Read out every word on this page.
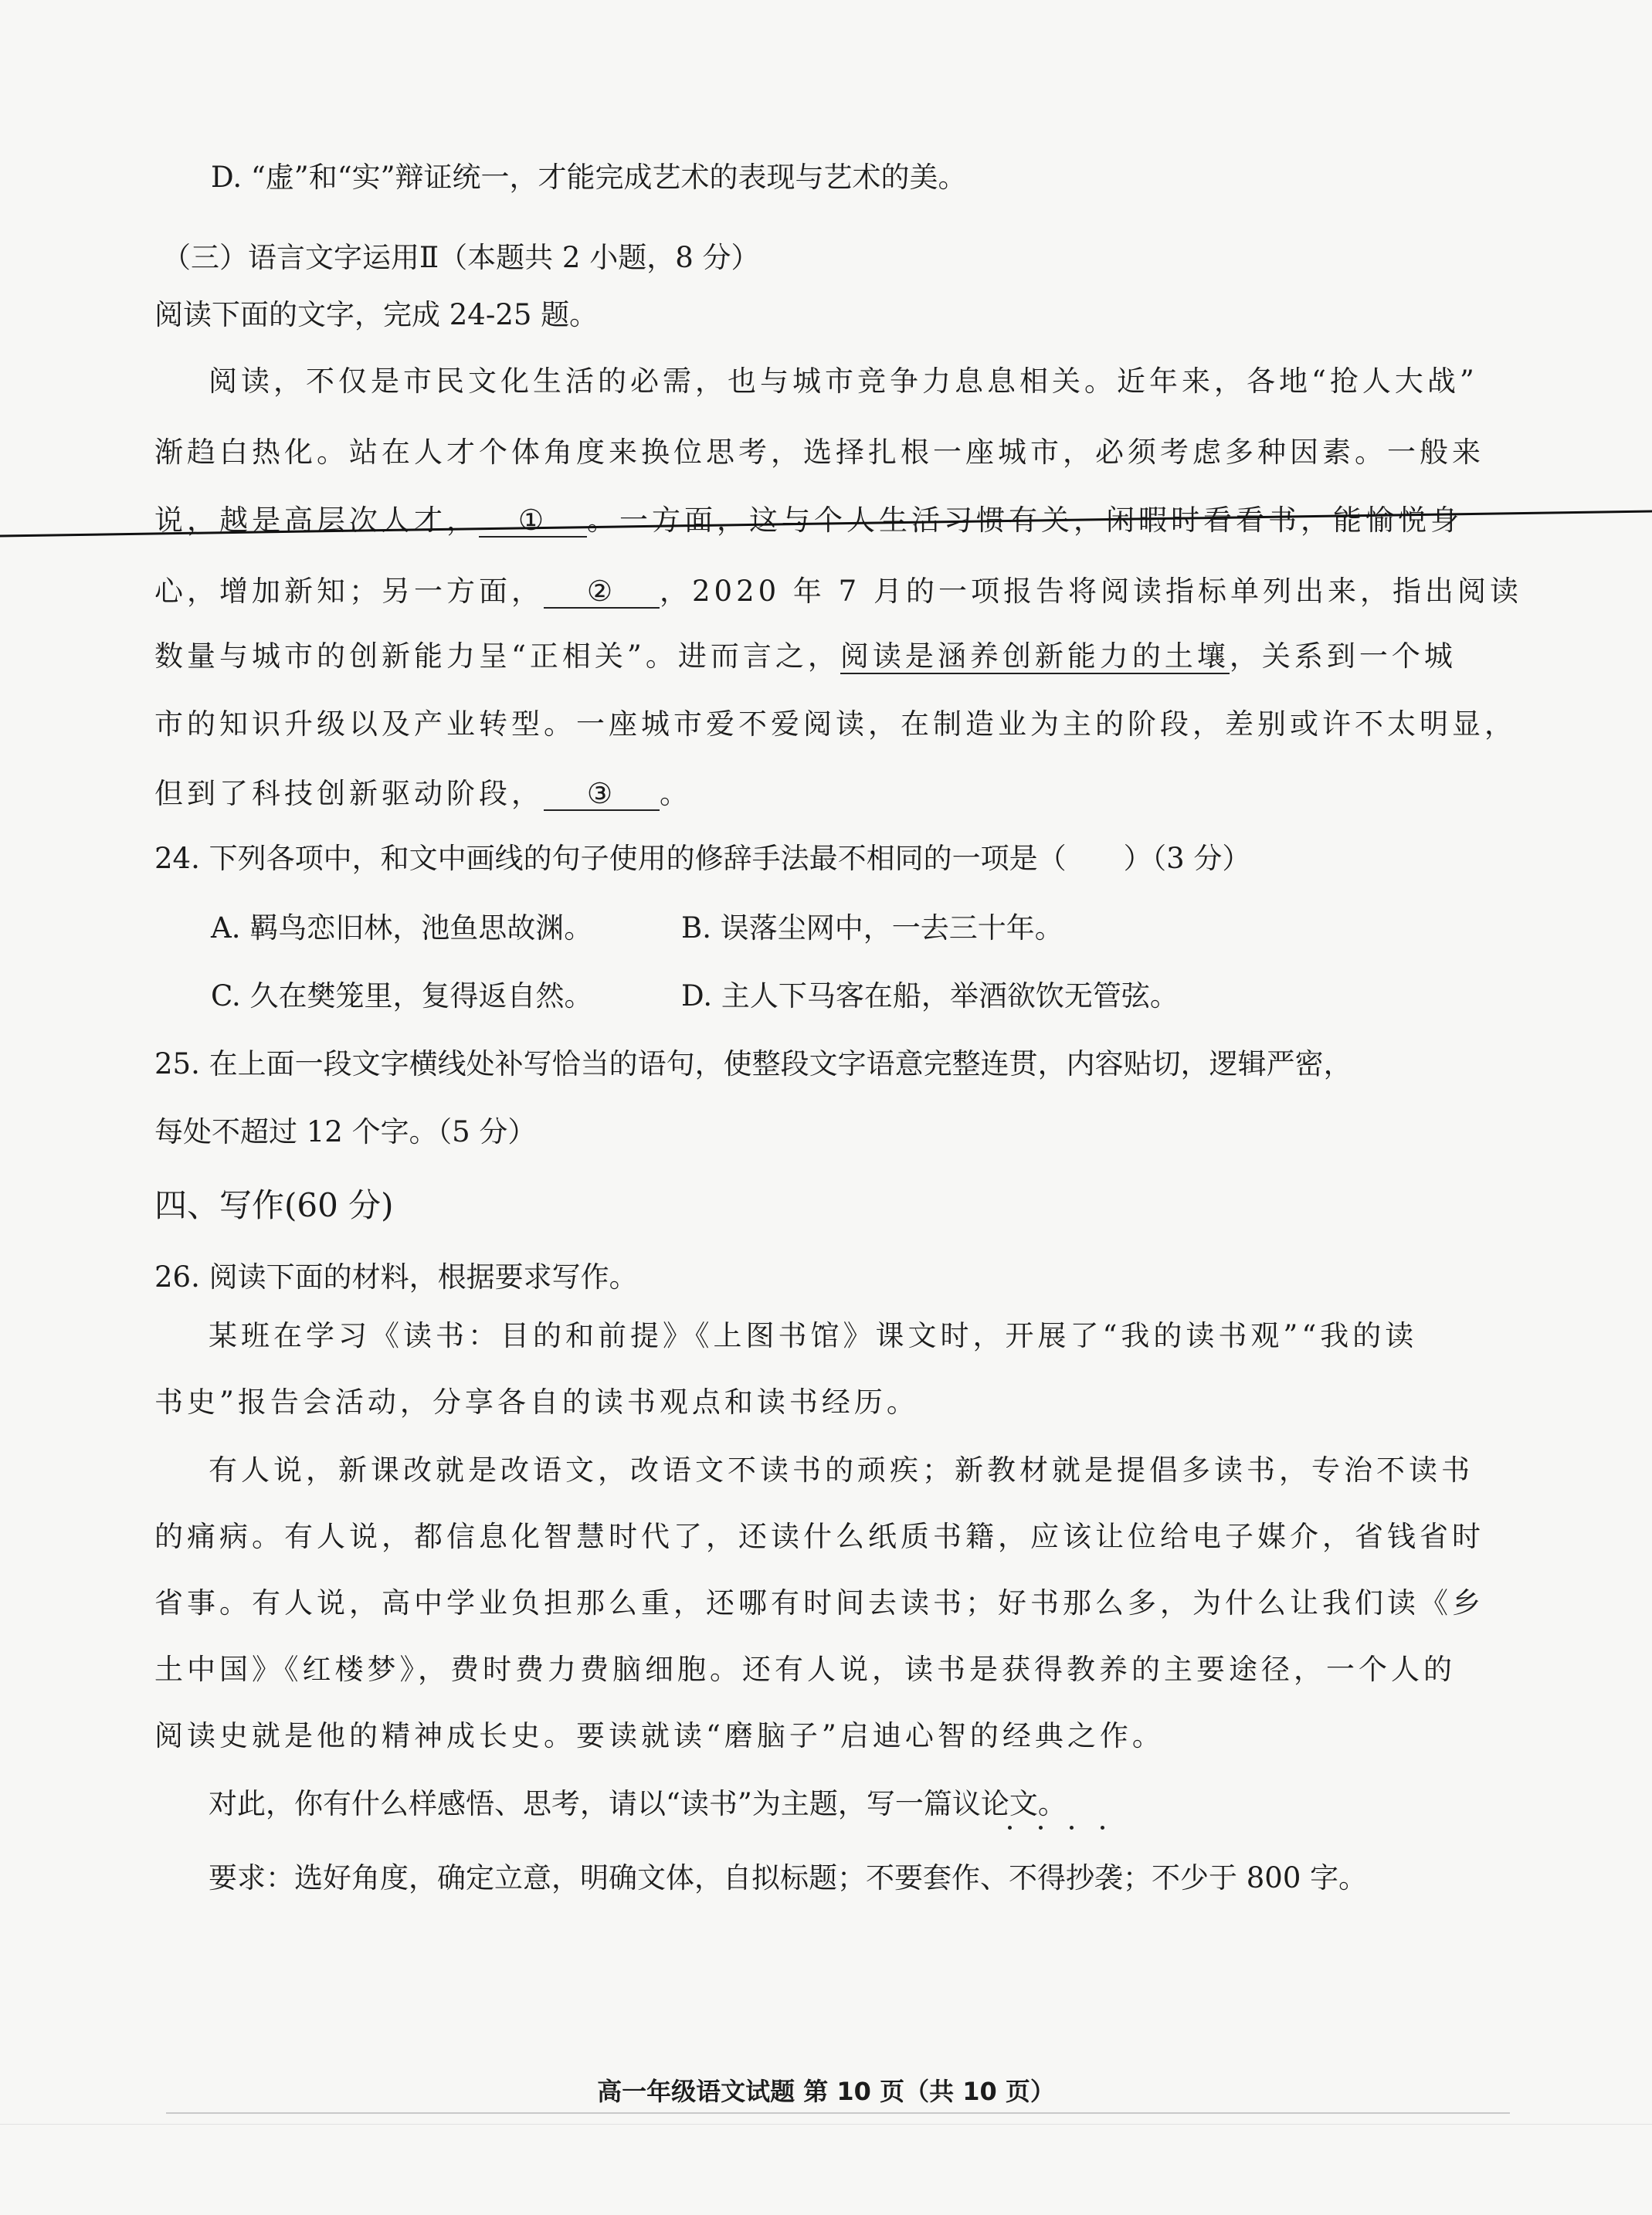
D. “虚”和“实”辩证统一，才能完成艺术的表现与艺术的美。
（三）语言文字运用Ⅱ（本题共 2 小题，8 分）
阅读下面的文字，完成 24-25 题。
阅读，不仅是市民文化生活的必需，也与城市竞争力息息相关。近年来，各地“抢人大战”
渐趋白热化。站在人才个体角度来换位思考，选择扎根一座城市，必须考虑多种因素。一般来
说，越是高层次人才， ① 。一方面，这与个人生活习惯有关，闲暇时看看书，能愉悦身
心，增加新知；另一方面， ② ，2020 年 7 月的一项报告将阅读指标单列出来，指出阅读
数量与城市的创新能力呈“正相关”。进而言之，阅读是涵养创新能力的土壤，关系到一个城
市的知识升级以及产业转型。一座城市爱不爱阅读，在制造业为主的阶段，差别或许不太明显，
但到了科技创新驱动阶段， ③ 。
24. 下列各项中，和文中画线的句子使用的修辞手法最不相同的一项是（　　）（3 分）
A. 羁鸟恋旧林，池鱼思故渊。	B. 误落尘网中，一去三十年。
C. 久在樊笼里，复得返自然。	D. 主人下马客在船，举酒欲饮无管弦。
25. 在上面一段文字横线处补写恰当的语句，使整段文字语意完整连贯，内容贴切，逻辑严密，
每处不超过 12 个字。（5 分）
四、写作(60 分)
26. 阅读下面的材料，根据要求写作。
某班在学习《读书：目的和前提》《上图书馆》课文时，开展了“我的读书观”“我的读
书史”报告会活动，分享各自的读书观点和读书经历。
有人说，新课改就是改语文，改语文不读书的顽疾；新教材就是提倡多读书，专治不读书
的痛病。有人说，都信息化智慧时代了，还读什么纸质书籍，应该让位给电子媒介，省钱省时
省事。有人说，高中学业负担那么重，还哪有时间去读书；好书那么多，为什么让我们读《乡
土中国》《红楼梦》，费时费力费脑细胞。还有人说，读书是获得教养的主要途径，一个人的
阅读史就是他的精神成长史。要读就读“磨脑子”启迪心智的经典之作。
对此，你有什么样感悟、思考，请以“读书”为主题，写一篇议论文。
要求：选好角度，确定立意，明确文体，自拟标题；不要套作、不得抄袭；不少于 800 字。
高一年级语文试题 第 10 页（共 10 页）
